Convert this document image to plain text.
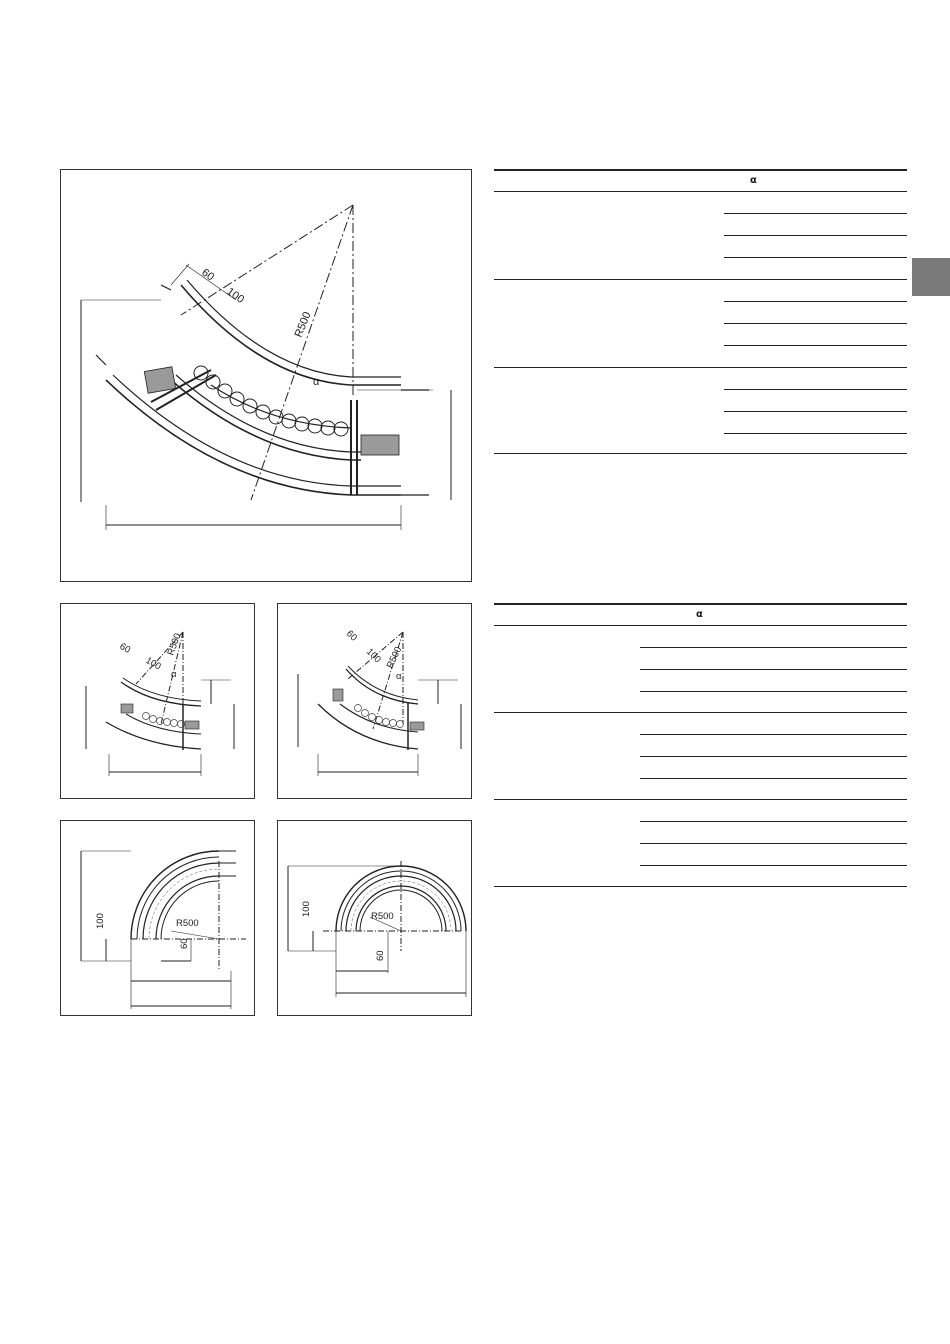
60
100
R500
α
α
60
100
R500
α
60
100 R500
α
100	R500
60
100	R500
60
α
